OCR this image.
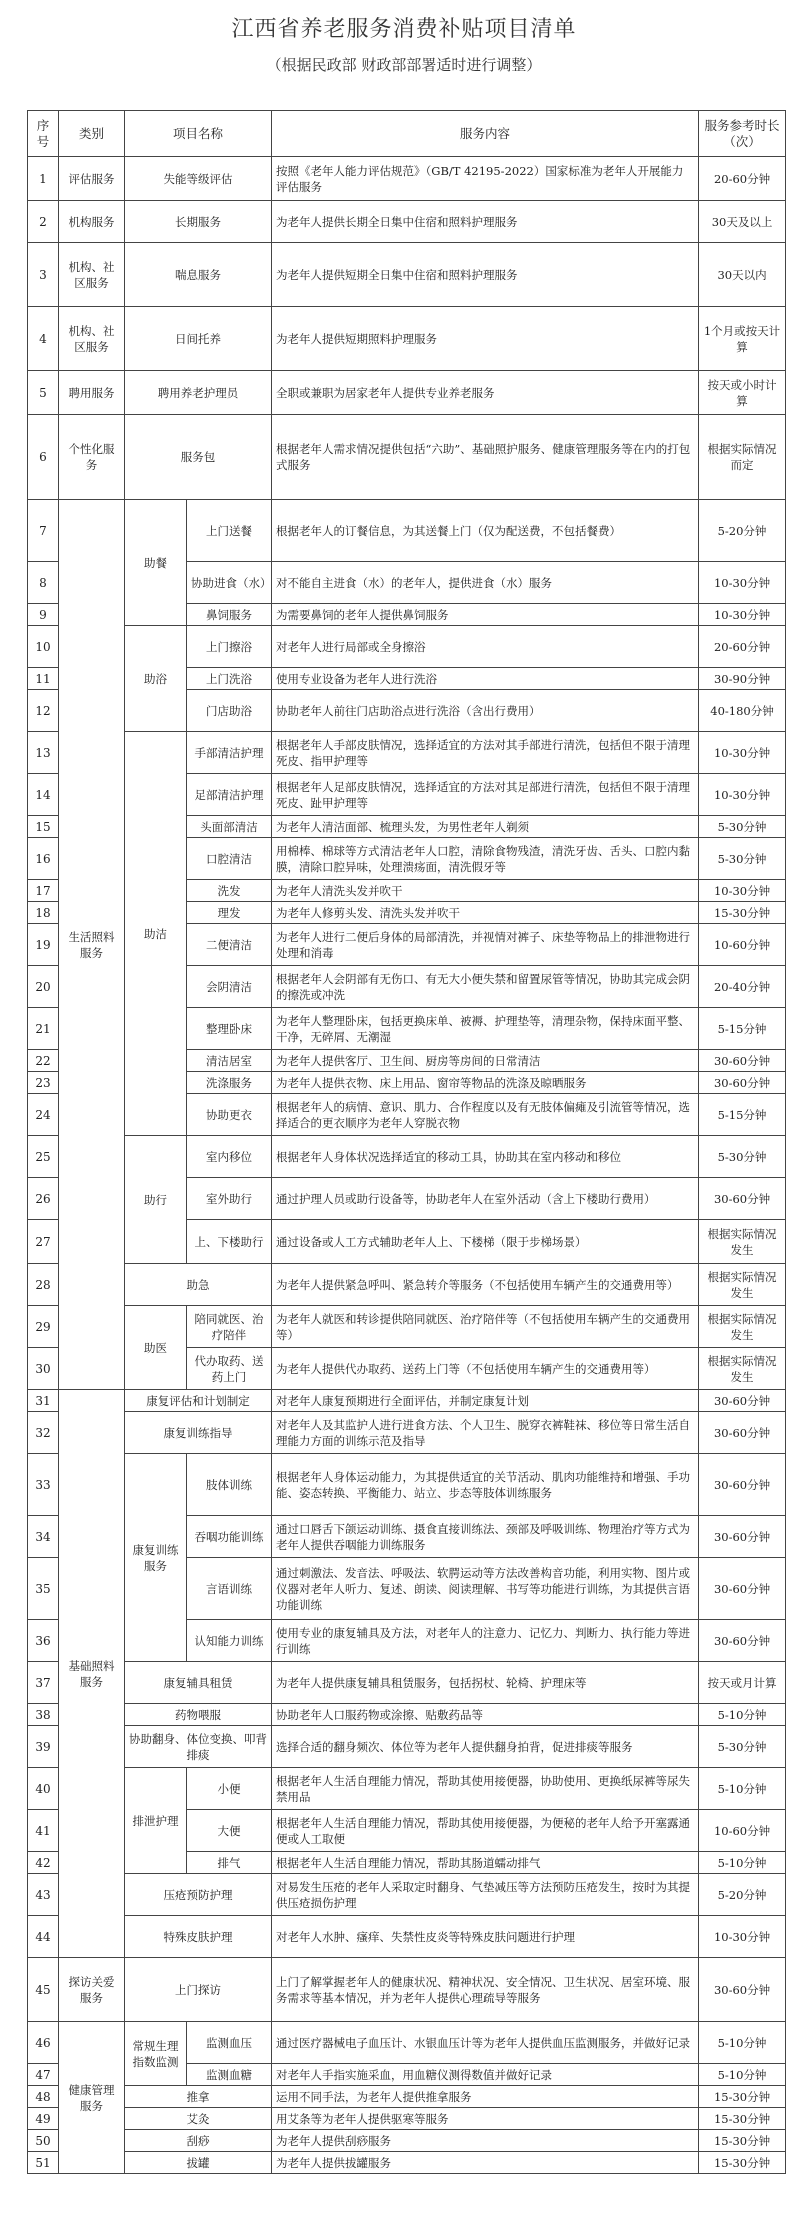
江西省养老服务消费补贴项目清单
（根据民政部 财政部部署适时进行调整）
序号	类别	项目名称		服务内容	服务参考时长（次）
1	评估服务	失能等级评估		按照《老年人能力评估规范》（GB/T 42195-2022）国家标准为老年人开展能力评估服务	20-60分钟
2	机构服务	长期服务		为老年人提供长期全日集中住宿和照料护理服务	30天及以上
3	机构、社区服务	喘息服务		为老年人提供短期全日集中住宿和照料护理服务	30天以内
4	机构、社区服务	日间托养		为老年人提供短期照料护理服务	1个月或按天计算
5	聘用服务	聘用养老护理员		全职或兼职为居家老年人提供专业养老服务	按天或小时计算
6	个性化服务	服务包		根据老年人需求情况提供包括“六助”、基础照护服务、健康管理服务等在内的打包式服务	根据实际情况而定
7	生活照料服务	助餐	上门送餐	根据老年人的订餐信息，为其送餐上门（仅为配送费，不包括餐费）	5-20分钟
8			协助进食（水）	对不能自主进食（水）的老年人，提供进食（水）服务	10-30分钟
9			鼻饲服务	为需要鼻饲的老年人提供鼻饲服务	10-30分钟
10		助浴	上门擦浴	对老年人进行局部或全身擦浴	20-60分钟
11			上门洗浴	使用专业设备为老年人进行洗浴	30-90分钟
12			门店助浴	协助老年人前往门店助浴点进行洗浴（含出行费用）	40-180分钟
13		助洁	手部清洁护理	根据老年人手部皮肤情况，选择适宜的方法对其手部进行清洗，包括但不限于清理死皮、指甲护理等	10-30分钟
14			足部清洁护理	根据老年人足部皮肤情况，选择适宜的方法对其足部进行清洗，包括但不限于清理死皮、趾甲护理等	10-30分钟
15			头面部清洁	为老年人清洁面部、梳理头发，为男性老年人剃须	5-30分钟
16			口腔清洁	用棉棒、棉球等方式清洁老年人口腔，清除食物残渣，清洗牙齿、舌头、口腔内黏膜，清除口腔异味，处理溃疡面，清洗假牙等	5-30分钟
17			洗发	为老年人清洗头发并吹干	10-30分钟
18			理发	为老年人修剪头发、清洗头发并吹干	15-30分钟
19			二便清洁	为老年人进行二便后身体的局部清洗，并视情对裤子、床垫等物品上的排泄物进行处理和消毒	10-60分钟
20			会阴清洁	根据老年人会阴部有无伤口、有无大小便失禁和留置尿管等情况，协助其完成会阴的擦洗或冲洗	20-40分钟
21			整理卧床	为老年人整理卧床，包括更换床单、被褥、护理垫等，清理杂物，保持床面平整、干净，无碎屑、无潮湿	5-15分钟
22			清洁居室	为老年人提供客厅、卫生间、厨房等房间的日常清洁	30-60分钟
23			洗涤服务	为老年人提供衣物、床上用品、窗帘等物品的洗涤及晾晒服务	30-60分钟
24			协助更衣	根据老年人的病情、意识、肌力、合作程度以及有无肢体偏瘫及引流管等情况，选择适合的更衣顺序为老年人穿脱衣物	5-15分钟
25		助行	室内移位	根据老年人身体状况选择适宜的移动工具，协助其在室内移动和移位	5-30分钟
26			室外助行	通过护理人员或助行设备等，协助老年人在室外活动（含上下楼助行费用）	30-60分钟
27			上、下楼助行	通过设备或人工方式辅助老年人上、下楼梯（限于步梯场景）	根据实际情况发生
28		助急		为老年人提供紧急呼叫、紧急转介等服务（不包括使用车辆产生的交通费用等）	根据实际情况发生
29		助医	陪同就医、治疗陪伴	为老年人就医和转诊提供陪同就医、治疗陪伴等（不包括使用车辆产生的交通费用等）	根据实际情况发生
30			代办取药、送药上门	为老年人提供代办取药、送药上门等（不包括使用车辆产生的交通费用等）	根据实际情况发生
31	基础照料服务	康复评估和计划制定		对老年人康复预期进行全面评估，并制定康复计划	30-60分钟
32		康复训练指导		对老年人及其监护人进行进食方法、个人卫生、脱穿衣裤鞋袜、移位等日常生活自理能力方面的训练示范及指导	30-60分钟
33		康复训练服务	肢体训练	根据老年人身体运动能力，为其提供适宜的关节活动、肌肉功能维持和增强、手功能、姿态转换、平衡能力、站立、步态等肢体训练服务	30-60分钟
34			吞咽功能训练	通过口唇舌下颌运动训练、摄食直接训练法、颈部及呼吸训练、物理治疗等方式为老年人提供吞咽能力训练服务	30-60分钟
35			言语训练	通过刺激法、发音法、呼吸法、软腭运动等方法改善构音功能，利用实物、图片或仪器对老年人听力、复述、朗读、阅读理解、书写等功能进行训练，为其提供言语功能训练	30-60分钟
36			认知能力训练	使用专业的康复辅具及方法，对老年人的注意力、记忆力、判断力、执行能力等进行训练	30-60分钟
37		康复辅具租赁		为老年人提供康复辅具租赁服务，包括拐杖、轮椅、护理床等	按天或月计算
38		药物喂服		协助老年人口服药物或涂擦、贴敷药品等	5-10分钟
39		协助翻身、体位变换、叩背排痰		选择合适的翻身频次、体位等为老年人提供翻身拍背，促进排痰等服务	5-30分钟
40		排泄护理	小便	根据老年人生活自理能力情况，帮助其使用接便器，协助使用、更换纸尿裤等尿失禁用品	5-10分钟
41			大便	根据老年人生活自理能力情况，帮助其使用接便器，为便秘的老年人给予开塞露通便或人工取便	10-60分钟
42			排气	根据老年人生活自理能力情况，帮助其肠道蠕动排气	5-10分钟
43		压疮预防护理		对易发生压疮的老年人采取定时翻身、气垫减压等方法预防压疮发生，按时为其提供压疮损伤护理	5-20分钟
44		特殊皮肤护理		对老年人水肿、瘙痒、失禁性皮炎等特殊皮肤问题进行护理	10-30分钟
45	探访关爱服务	上门探访		上门了解掌握老年人的健康状况、精神状况、安全情况、卫生状况、居室环境、服务需求等基本情况，并为老年人提供心理疏导等服务	30-60分钟
46	健康管理服务	常规生理指数监测	监测血压	通过医疗器械电子血压计、水银血压计等为老年人提供血压监测服务，并做好记录	5-10分钟
47			监测血糖	对老年人手指实施采血，用血糖仪测得数值并做好记录	5-10分钟
48		推拿		运用不同手法，为老年人提供推拿服务	15-30分钟
49		艾灸		用艾条等为老年人提供驱寒等服务	15-30分钟
50		刮痧		为老年人提供刮痧服务	15-30分钟
51		拔罐		为老年人提供拔罐服务	15-30分钟
